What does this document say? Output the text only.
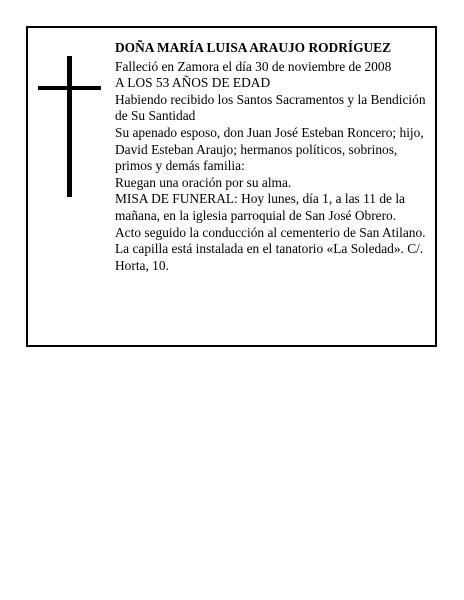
DOÑA MARÍA LUISA ARAUJO RODRÍGUEZ

Falleció en Zamora el día 30 de noviembre de 2008

A LOS 53 AÑOS DE EDAD

Habiendo recibido los Santos Sacramentos y la Bendición de Su Santidad

Su apenado esposo, don Juan José Esteban Roncero; hijo, David Esteban Araujo; hermanos políticos, sobrinos, primos y demás familia:

Ruegan una oración por su alma.

MISA DE FUNERAL: Hoy lunes, día 1, a las 11 de la mañana, en la iglesia parroquial de San José Obrero.

Acto seguido la conducción al cementerio de San Atilano.

La capilla está instalada en el tanatorio «La Soledad». C/. Horta, 10.
